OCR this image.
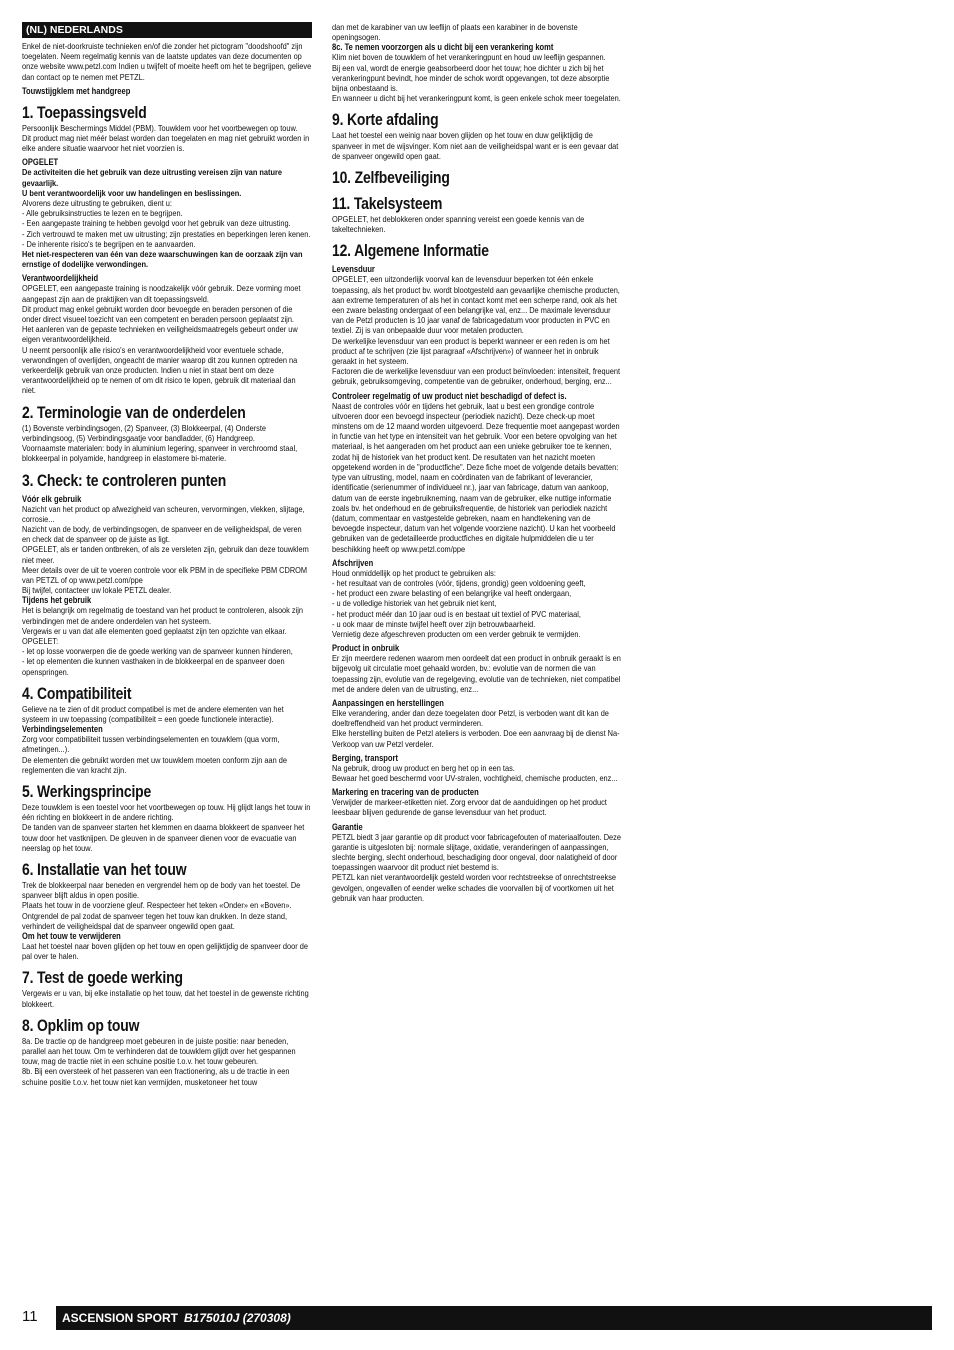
(NL) NEDERLANDS

Enkel de niet-doorkruiste technieken en/of die zonder het pictogram "doodshoofd" zijn toegelaten. Neem regelmatig kennis van de laatste updates van deze documenten op onze website www.petzl.com Indien u twijfelt of moeite heeft om het te begrijpen, gelieve dan contact op te nemen met PETZL.

Touwstijgklem met handgreep

1. Toepassingsveld

Persoonlijk Beschermings Middel (PBM). Touwklem voor het voortbewegen op touw.

Dit product mag niet méér belast worden dan toegelaten en mag niet gebruikt worden in elke andere situatie waarvoor het niet voorzien is.

OPGELET

De activiteiten die het gebruik van deze uitrusting vereisen zijn van nature gevaarlijk.

U bent verantwoordelijk voor uw handelingen en beslissingen.

Alvorens deze uitrusting te gebruiken, dient u:

- Alle gebruiksinstructies te lezen en te begrijpen.

- Een aangepaste training te hebben gevolgd voor het gebruik van deze uitrusting.

- Zich vertrouwd te maken met uw uitrusting; zijn prestaties en beperkingen leren kenen.

- De inherente risico's te begrijpen en te aanvaarden.

Het niet-respecteren van één van deze waarschuwingen kan de oorzaak zijn van ernstige of dodelijke verwondingen.

Verantwoordelijkheid

OPGELET, een aangepaste training is noodzakelijk vóór gebruik. Deze vorming moet aangepast zijn aan de praktijken van dit toepassingsveld.

Dit product mag enkel gebruikt worden door bevoegde en beraden personen of die onder direct visueel toezicht van een competent en beraden persoon geplaatst zijn.

Het aanleren van de gepaste technieken en veiligheidsmaatregels gebeurt onder uw eigen verantwoordelijkheid.

U neemt persoonlijk alle risico's en verantwoordelijkheid voor eventuele schade, verwondingen of overlijden, ongeacht de manier waarop dit zou kunnen optreden na verkeerdelijk gebruik van onze producten. Indien u niet in staat bent om deze verantwoordelijkheid op te nemen of om dit risico te lopen, gebruik dit materiaal dan niet.

2. Terminologie van de onderdelen

(1) Bovenste verbindingsogen, (2) Spanveer, (3) Blokkeerpal, (4) Onderste verbindingsoog, (5) Verbindingsgaatje voor bandladder, (6) Handgreep.

Voornaamste materialen: body in aluminium legering, spanveer in verchroomd staal, blokkeerpal in polyamide, handgreep in elastomere bi-materie.

3. Check: te controleren punten

Vóór elk gebruik

Nazicht van het product op afwezigheid van scheuren, vervormingen, vlekken, slijtage, corrosie...

Nazicht van de body, de verbindingsogen, de spanveer en de veiligheidspal, de veren en check dat de spanveer op de juiste as ligt.

OPGELET, als er tanden ontbreken, of als ze versleten zijn, gebruik dan deze touwklem niet meer.

Meer details over de uit te voeren controle voor elk PBM in de specifieke PBM CDROM van PETZL of op www.petzl.com/ppe

Bij twijfel, contacteer uw lokale PETZL dealer.

Tijdens het gebruik

Het is belangrijk om regelmatig de toestand van het product te controleren, alsook zijn verbindingen met de andere onderdelen van het systeem.

Vergewis er u van dat alle elementen goed geplaatst zijn ten opzichte van elkaar.

OPGELET:

- let op losse voorwerpen die de goede werking van de spanveer kunnen hinderen,

- let op elementen die kunnen vasthaken in de blokkeerpal en de spanveer doen openspringen.

4. Compatibiliteit

Gelieve na te zien of dit product compatibel is met de andere elementen van het systeem in uw toepassing (compatibiliteit = een goede functionele interactie).

Verbindingselementen

Zorg voor compatibiliteit tussen verbindingselementen en touwklem (qua vorm, afmetingen...).

De elementen die gebruikt worden met uw touwklem moeten conform zijn aan de reglementen die van kracht zijn.

5. Werkingsprincipe

Deze touwklem is een toestel voor het voortbewegen op touw. Hij glijdt langs het touw in één richting en blokkeert in de andere richting.

De tanden van de spanveer starten het klemmen en daarna blokkeert de spanveer het touw door het vastknijpen. De gleuven in de spanveer dienen voor de evacuatie van neerslag op het touw.

6. Installatie van het touw

Trek de blokkeerpal naar beneden en vergrendel hem op de body van het toestel. De spanveer blijft aldus in open positie.

Plaats het touw in de voorziene gleuf. Respecteer het teken «Onder» en «Boven». Ontgrendel de pal zodat de spanveer tegen het touw kan drukken. In deze stand, verhindert de veiligheidspal dat de spanveer ongewild open gaat.

Om het touw te verwijderen

Laat het toestel naar boven glijden op het touw en open gelijktijdig de spanveer door de pal over te halen.

7. Test de goede werking

Vergewis er u van, bij elke installatie op het touw, dat het toestel in de gewenste richting blokkeert.

8. Opklim op touw

8a. De tractie op de handgreep moet gebeuren in de juiste positie: naar beneden, parallel aan het touw. Om te verhinderen dat de touwklem glijdt over het gespannen touw, mag de tractie niet in een schuine positie t.o.v. het touw gebeuren.

8b. Bij een oversteek of het passeren van een fractionering, als u de tractie in een schuine positie t.o.v. het touw niet kan vermijden, musketoneer het touw

dan met de karabiner van uw leeflijn of plaats een karabiner in de bovenste openingsogen.

8c. Te nemen voorzorgen als u dicht bij een verankering komt

Klim niet boven de touwklem of het verankeringpunt en houd uw leeflijn gespannen.

Bij een val, wordt de energie geabsorbeerd door het touw; hoe dichter u zich bij het verankeringpunt bevindt, hoe minder de schok wordt opgevangen, tot deze absorptie bijna onbestaand is.

En wanneer u dicht bij het verankeringpunt komt, is geen enkele schok meer toegelaten.

9. Korte afdaling

Laat het toestel een weinig naar boven glijden op het touw en duw gelijktijdig de spanveer in met de wijsvinger. Kom niet aan de veiligheidspal want er is een gevaar dat de spanveer ongewild open gaat.

10. Zelfbeveiliging
11. Takelsysteem

OPGELET, het deblokkeren onder spanning vereist een goede kennis van de takeltechnieken.

12. Algemene Informatie

Levensduur

OPGELET, een uitzonderlijk voorval kan de levensduur beperken tot één enkele toepassing, als het product bv. wordt blootgesteld aan gevaarlijke chemische producten, aan extreme temperaturen of als het in contact komt met een scherpe rand, ook als het een zware belasting ondergaat of een belangrijke val, enz... De maximale levensduur van de Petzl producten is 10 jaar vanaf de fabricagedatum voor producten in PVC en textiel. Zij is van onbepaalde duur voor metalen producten.

De werkelijke levensduur van een product is beperkt wanneer er een reden is om het product af te schrijven (zie lijst paragraaf «Afschrijven») of wanneer het in onbruik geraakt in het systeem.

Factoren die de werkelijke levensduur van een product beïnvloeden: intensiteit, frequent gebruik, gebruiksomgeving, competentie van de gebruiker, onderhoud, berging, enz...

Controleer regelmatig of uw product niet beschadigd of defect is.

Naast de controles vóór en tijdens het gebruik, laat u best een grondige controle uitvoeren door een bevoegd inspecteur (periodiek nazicht). Deze check-up moet minstens om de 12 maand worden uitgevoerd. Deze frequentie moet aangepast worden in functie van het type en intensiteit van het gebruik. Voor een betere opvolging van het materiaal, is het aangeraden om het product aan een unieke gebruiker toe te kennen, zodat hij de historiek van het product kent. De resultaten van het nazicht moeten opgetekend worden in de "productfiche". Deze fiche moet de volgende details bevatten: type van uitrusting, model, naam en coördinaten van de fabrikant of leverancier, identificatie (serienummer of individueel nr.), jaar van fabricage, datum van aankoop, datum van de eerste ingebruikneming, naam van de gebruiker, elke nuttige informatie zoals bv. het onderhoud en de gebruiksfrequentie, de historiek van periodiek nazicht (datum, commentaar en vastgestelde gebreken, naam en handtekening van de bevoegde inspecteur, datum van het volgende voorziene nazicht). U kan het voorbeeld gebruiken van de gedetailleerde productfiches en digitale hulpmiddelen die u ter beschikking heeft op www.petzl.com/ppe

Afschrijven

Houd onmiddellijk op het product te gebruiken als:

- het resultaat van de controles (vóór, tijdens, grondig) geen voldoening geeft,

- het product een zware belasting of een belangrijke val heeft ondergaan,

- u de volledige historiek van het gebruik niet kent,

- het product méér dan 10 jaar oud is en bestaat uit textiel of PVC materiaal,

- u ook maar de minste twijfel heeft over zijn betrouwbaarheid.

Vernietig deze afgeschreven producten om een verder gebruik te vermijden.

Product in onbruik

Er zijn meerdere redenen waarom men oordeelt dat een product in onbruik geraakt is en bijgevolg uit circulatie moet gehaald worden, bv.: evolutie van de normen die van toepassing zijn, evolutie van de regelgeving, evolutie van de technieken, niet compatibel met de andere delen van de uitrusting, enz...

Aanpassingen en herstellingen

Elke verandering, ander dan deze toegelaten door Petzl, is verboden want dit kan de doeltreffendheid van het product verminderen.

Elke herstelling buiten de Petzl ateliers is verboden. Doe een aanvraag bij de dienst Na-Verkoop van uw Petzl verdeler.

Berging, transport

Na gebruik, droog uw product en berg het op in een tas.

Bewaar het goed beschermd voor UV-stralen, vochtigheid, chemische producten, enz...

Markering en tracering van de producten

Verwijder de markeer-etiketten niet. Zorg ervoor dat de aanduidingen op het product leesbaar blijven gedurende de ganse levensduur van het product.

Garantie

PETZL biedt 3 jaar garantie op dit product voor fabricagefouten of materiaalfouten. Deze garantie is uitgesloten bij: normale slijtage, oxidatie, veranderingen of aanpassingen, slechte berging, slecht onderhoud, beschadiging door ongeval, door nalatigheid of door toepassingen waarvoor dit product niet bestemd is.

PETZL kan niet verantwoordelijk gesteld worden voor rechtstreekse of onrechtstreekse gevolgen, ongevallen of eender welke schades die voorvallen bij of voortkomen uit het gebruik van haar producten.

11 ASCENSION SPORT B175010J (270308)
